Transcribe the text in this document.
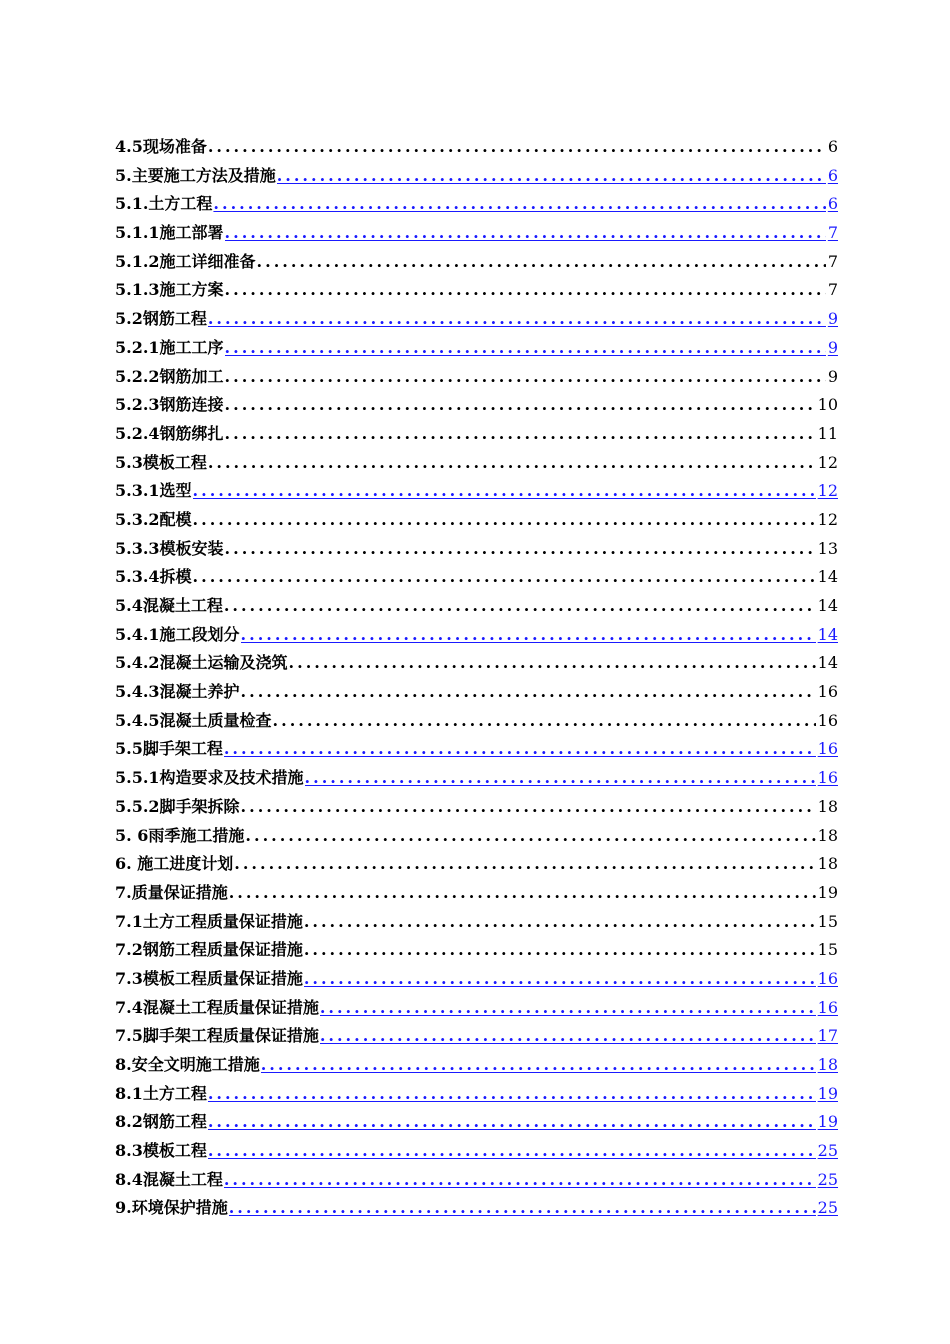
4.5现场准备 .....	6
5.主要施工方法及措施 .....	6
5.1.土方工程 .....	6
5.1.1施工部署 .....	7
5.1.2施工详细准备 .....	7
5.1.3施工方案 .....	7
5.2钢筋工程 .....	9
5.2.1施工工序 .....	9
5.2.2钢筋加工 .....	9
5.2.3钢筋连接 .....	10
5.2.4钢筋绑扎 .....	11
5.3模板工程 .....	12
5.3.1选型 .....	12
5.3.2配模 .....	12
5.3.3模板安装 .....	13
5.3.4拆模 .....	14
5.4混凝土工程 .....	14
5.4.1施工段划分 .....	14
5.4.2混凝土运输及浇筑 .....	14
5.4.3混凝土养护 .....	16
5.4.5混凝土质量检查 .....	16
5.5脚手架工程 .....	16
5.5.1构造要求及技术措施 .....	16
5.5.2脚手架拆除 .....	18
5. 6雨季施工措施 .....	18
6. 施工进度计划 .....	18
7.质量保证措施 .....	19
7.1土方工程质量保证措施 .....	15
7.2钢筋工程质量保证措施 .....	15
7.3模板工程质量保证措施 .....	16
7.4混凝土工程质量保证措施 .....	16
7.5脚手架工程质量保证措施 .....	17
8.安全文明施工措施 .....	18
8.1土方工程 .....	19
8.2钢筋工程 .....	19
8.3模板工程 .....	25
8.4混凝土工程 .....	25
9.环境保护措施 .....	25
